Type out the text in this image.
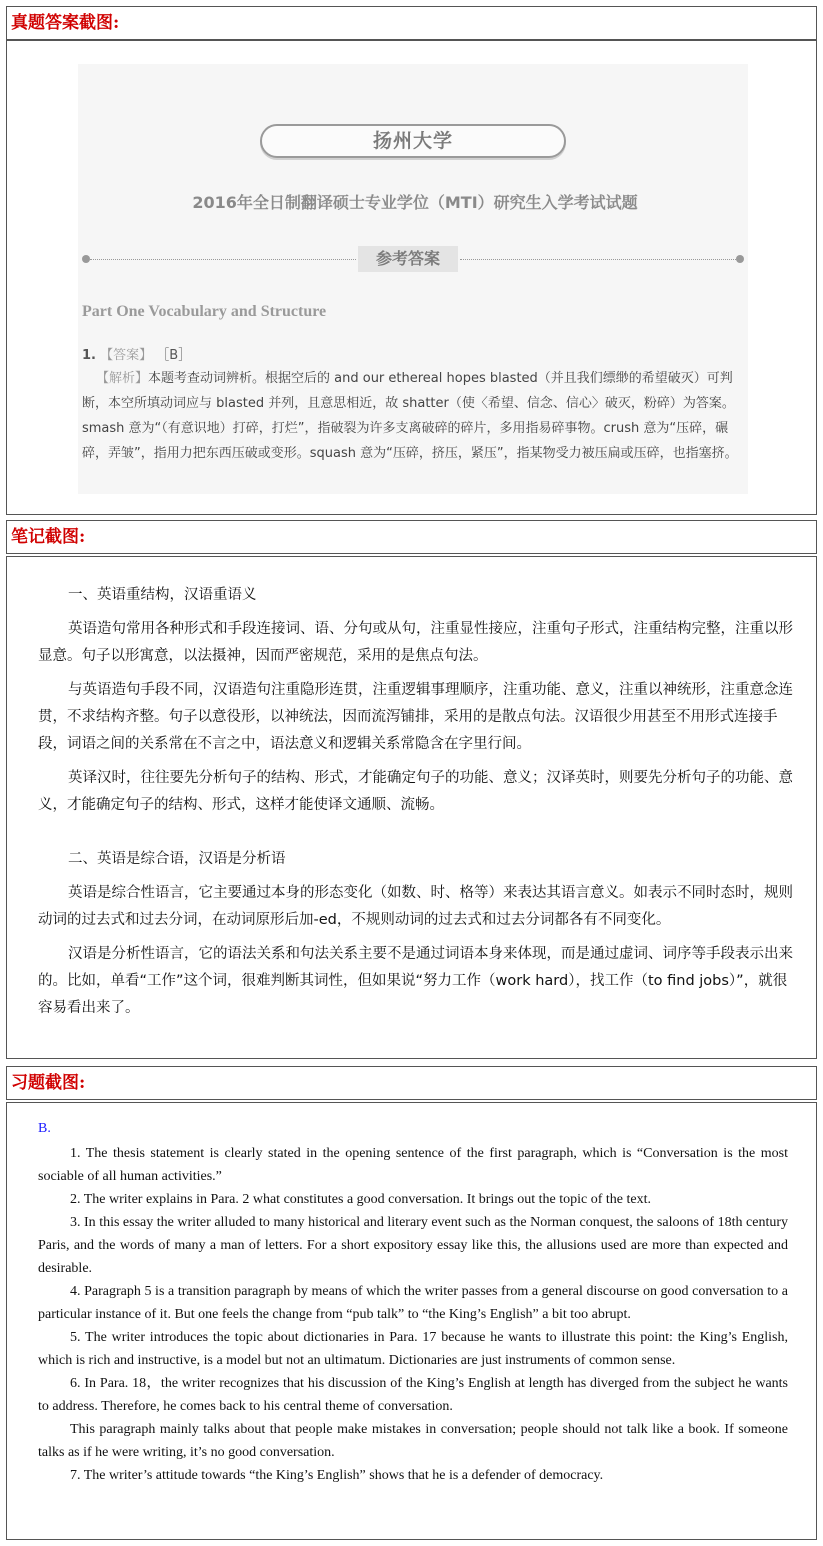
真题答案截图:
扬州大学
2016年全日制翻译硕士专业学位（MTI）研究生入学考试试题
参考答案
Part One Vocabulary and Structure
1. 【答案】 ［B］
【解析】本题考查动词辨析。根据空后的 and our ethereal hopes blasted（并且我们缥缈的希望破灭）可判断，本空所填动词应与 blasted 并列，且意思相近，故 shatter（使〈希望、信念、信心〉破灭，粉碎）为答案。smash 意为“（有意识地）打碎，打烂”，指破裂为许多支离破碎的碎片，多用指易碎事物。crush 意为“压碎，碾碎，弄皱”，指用力把东西压破或变形。squash 意为“压碎，挤压，紧压”，指某物受力被压扁或压碎，也指塞挤。
笔记截图:
一、英语重结构，汉语重语义

英语造句常用各种形式和手段连接词、语、分句或从句，注重显性接应，注重句子形式，注重结构完整，注重以形显意。句子以形寓意，以法摄神，因而严密规范，采用的是焦点句法。

与英语造句手段不同，汉语造句注重隐形连贯，注重逻辑事理顺序，注重功能、意义，注重以神统形，注重意念连贯，不求结构齐整。句子以意役形，以神统法，因而流泻铺排，采用的是散点句法。汉语很少用甚至不用形式连接手段，词语之间的关系常在不言之中，语法意义和逻辑关系常隐含在字里行间。

英译汉时，往往要先分析句子的结构、形式，才能确定句子的功能、意义；汉译英时，则要先分析句子的功能、意义，才能确定句子的结构、形式，这样才能使译文通顺、流畅。

二、英语是综合语，汉语是分析语

英语是综合性语言，它主要通过本身的形态变化（如数、时、格等）来表达其语言意义。如表示不同时态时，规则动词的过去式和过去分词，在动词原形后加-ed，不规则动词的过去式和过去分词都各有不同变化。

汉语是分析性语言，它的语法关系和句法关系主要不是通过词语本身来体现，而是通过虚词、词序等手段表示出来的。比如，单看“工作”这个词，很难判断其词性，但如果说“努力工作（work hard），找工作（to find jobs）”，就很容易看出来了。

习题截图:
B.

1. The thesis statement is clearly stated in the opening sentence of the first paragraph, which is “Conversation is the most sociable of all human activities.”

2. The writer explains in Para. 2 what constitutes a good conversation. It brings out the topic of the text.

3. In this essay the writer alluded to many historical and literary event such as the Norman conquest, the saloons of 18th century Paris, and the words of many a man of letters. For a short expository essay like this, the allusions used are more than expected and desirable.

4. Paragraph 5 is a transition paragraph by means of which the writer passes from a general discourse on good conversation to a particular instance of it. But one feels the change from “pub talk” to “the King’s English” a bit too abrupt.

5. The writer introduces the topic about dictionaries in Para. 17 because he wants to illustrate this point: the King’s English, which is rich and instructive, is a model but not an ultimatum. Dictionaries are just instruments of common sense.

6. In Para. 18，the writer recognizes that his discussion of the King’s English at length has diverged from the subject he wants to address. Therefore, he comes back to his central theme of conversation.

This paragraph mainly talks about that people make mistakes in conversation; people should not talk like a book. If someone talks as if he were writing, it’s no good conversation.

7. The writer’s attitude towards “the King’s English” shows that he is a defender of democracy.
